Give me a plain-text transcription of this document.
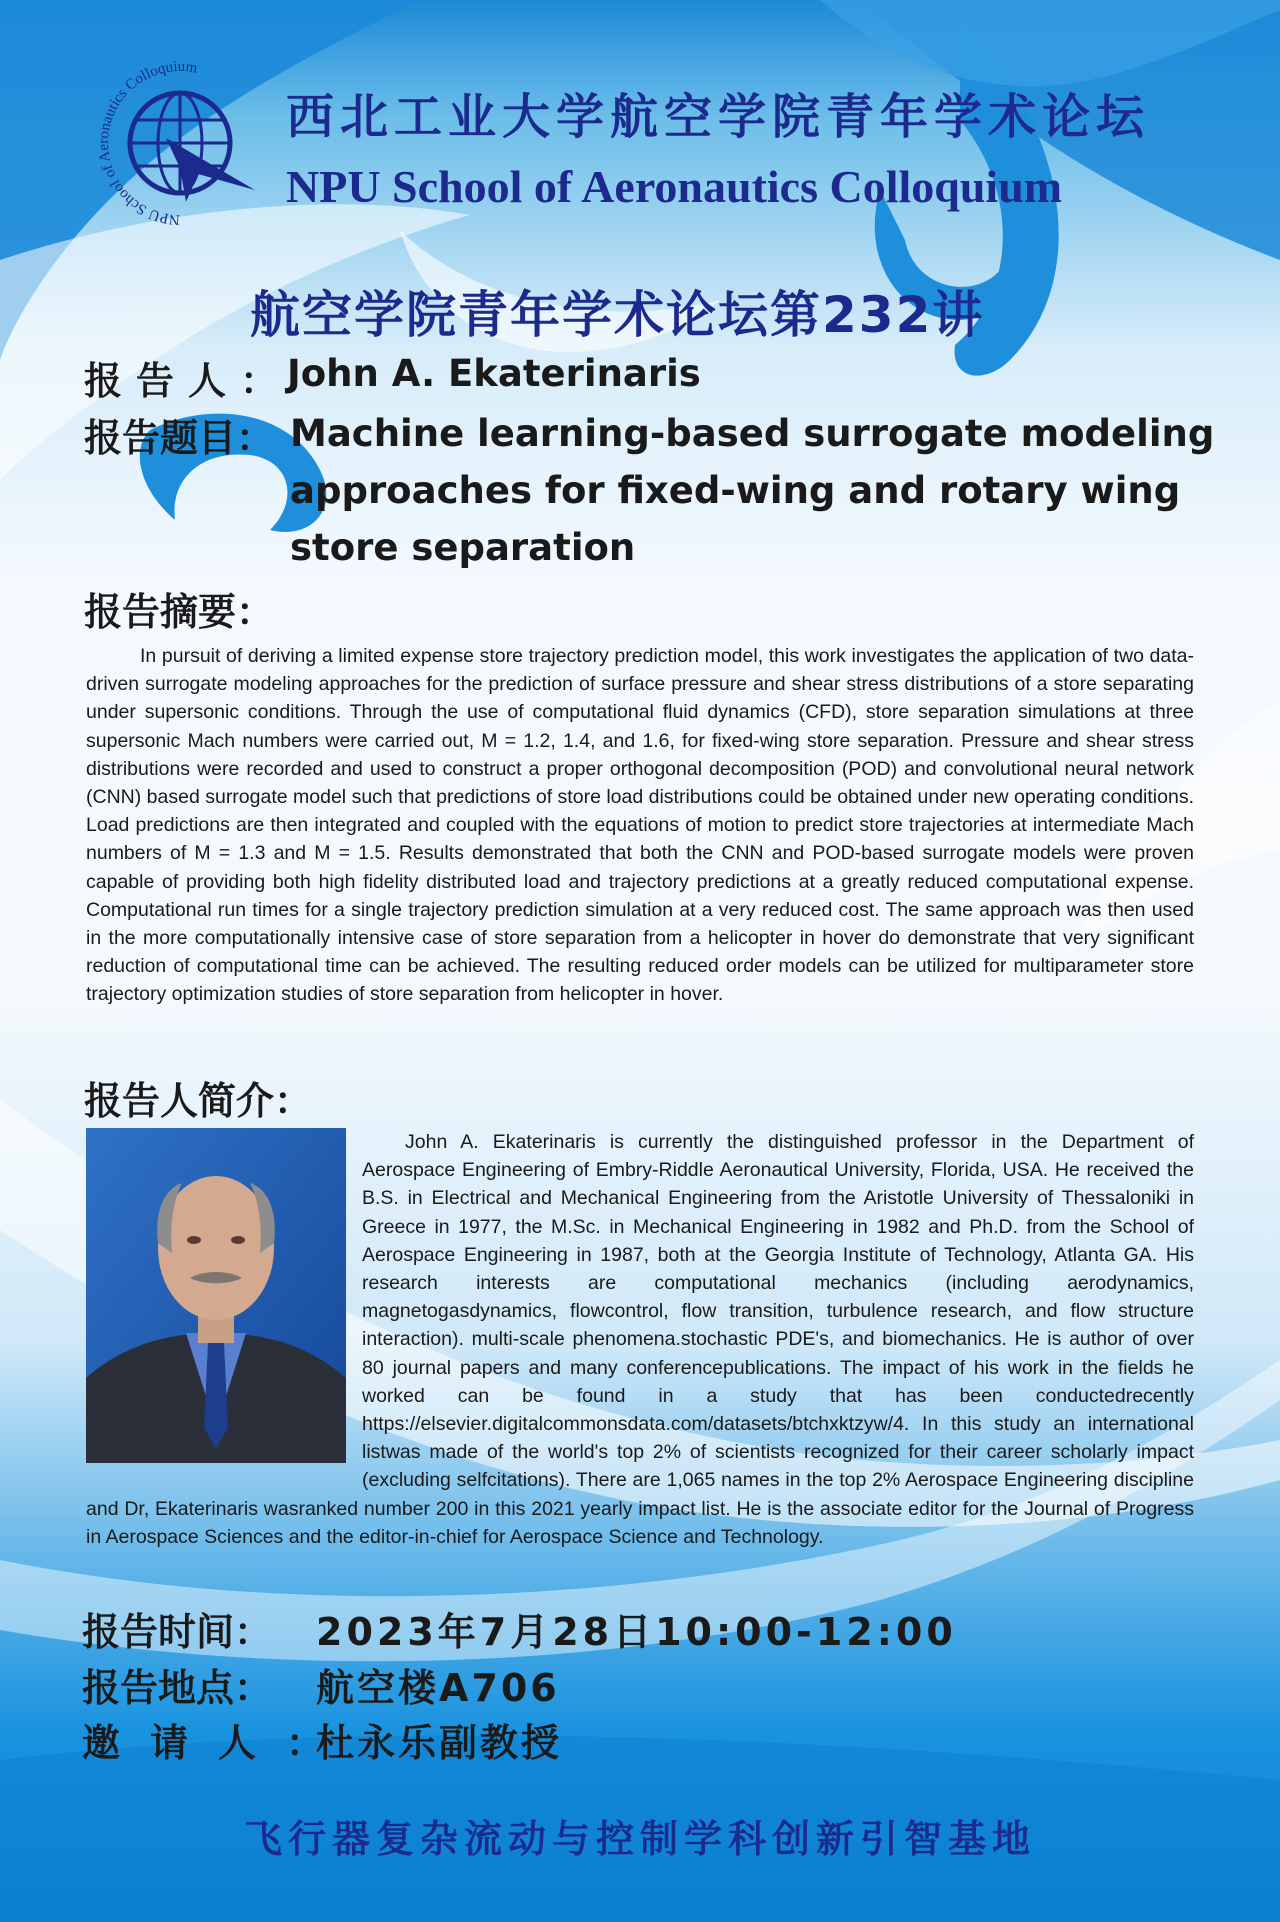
NPU School of Aeronautics Colloquium
西北工业大学航空学院青年学术论坛
NPU School of Aeronautics Colloquium
航空学院青年学术论坛第232讲
报告人：
John A. Ekaterinaris
报告题目： Machine learning-based surrogate modeling approaches for fixed-wing and rotary wing store separation
报告摘要：

In pursuit of deriving a limited expense store trajectory prediction model, this work investigates the application of two data-driven surrogate modeling approaches for the prediction of surface pressure and shear stress distributions of a store separating under supersonic conditions. Through the use of computational fluid dynamics (CFD), store separation simulations at three supersonic Mach numbers were carried out, M = 1.2, 1.4, and 1.6, for fixed-wing store separation. Pressure and shear stress distributions were recorded and used to construct a proper orthogonal decomposition (POD) and convolutional neural network (CNN) based surrogate model such that predictions of store load distributions could be obtained under new operating conditions. Load predictions are then integrated and coupled with the equations of motion to predict store trajectories at intermediate Mach numbers of M = 1.3 and M = 1.5. Results demonstrated that both the CNN and POD-based surrogate models were proven capable of providing both high fidelity distributed load and trajectory predictions at a greatly reduced computational expense. Computational run times for a single trajectory prediction simulation at a very reduced cost. The same approach was then used in the more computationally intensive case of store separation from a helicopter in hover do demonstrate that very significant reduction of computational time can be achieved. The resulting reduced order models can be utilized for multiparameter store trajectory optimization studies of store separation from helicopter in hover.

报告人简介：

John A. Ekaterinaris is currently the distinguished professor in the Department of Aerospace Engineering of Embry-Riddle Aeronautical University, Florida, USA. He received the B.S. in Electrical and Mechanical Engineering from the Aristotle University of Thessaloniki in Greece in 1977, the M.Sc. in Mechanical Engineering in 1982 and Ph.D. from the School of Aerospace Engineering in 1987, both at the Georgia Institute of Technology, Atlanta GA. His research interests are computational mechanics (including aerodynamics, magnetogasdynamics, flowcontrol, flow transition, turbulence research, and flow structure interaction). multi-scale phenomena.stochastic PDE's, and biomechanics. He is author of over 80 journal papers and many conferencepublications. The impact of his work in the fields he worked can be found in a study that has been conductedrecently https://elsevier.digitalcommonsdata.com/datasets/btchxktzyw/4. In this study an international listwas made of the world's top 2% of scientists recognized for their career scholarly impact (excluding selfcitations). There are 1,065 names in the top 2% Aerospace Engineering discipline and Dr, Ekaterinaris wasranked number 200 in this 2021 yearly impact list. He is the associate editor for the Journal of Progress in Aerospace Sciences and the editor-in-chief for Aerospace Science and Technology.

报告时间： 2023年7月28日10:00-12:00
报告地点： 航空楼A706
邀请人：
杜永乐副教授
飞行器复杂流动与控制学科创新引智基地
